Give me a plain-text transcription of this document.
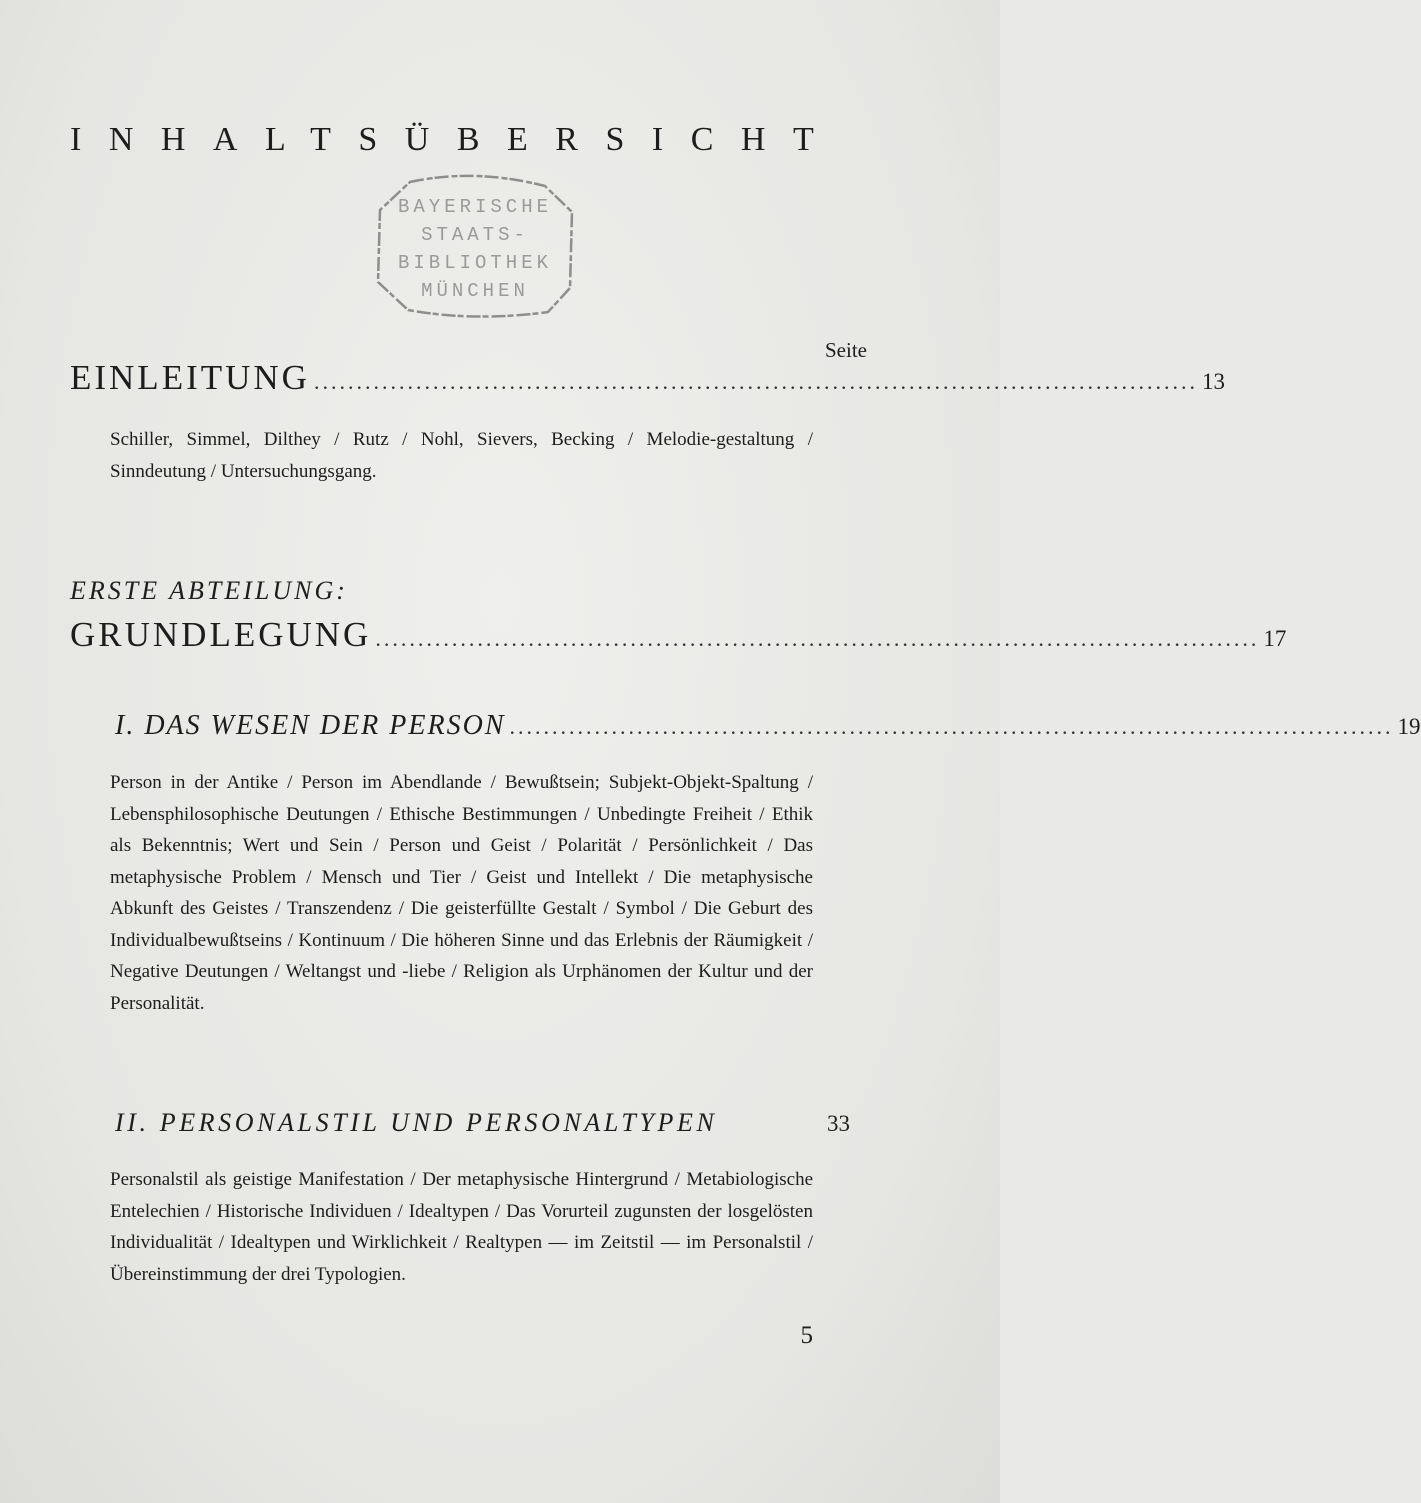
INHALTSÜBERSICHT
BAYERISCHE
STAATS-
BIBLIOTHEK
MÜNCHEN
Seite
EINLEITUNG ........................................................................................................ 13
Schiller, Simmel, Dilthey / Rutz / Nohl, Sievers, Becking / Melodie-gestaltung / Sinndeutung / Untersuchungsgang.
ERSTE ABTEILUNG:
GRUNDLEGUNG ........................................................................................................ 17
I. DAS WESEN DER PERSON ........................................................................................................ 19
Person in der Antike / Person im Abendlande / Bewußtsein; Subjekt-Objekt-Spaltung / Lebensphilosophische Deutungen / Ethische Bestimmungen / Unbedingte Freiheit / Ethik als Bekenntnis; Wert und Sein / Person und Geist / Polarität / Persönlichkeit / Das metaphysische Problem / Mensch und Tier / Geist und Intellekt / Die metaphysische Abkunft des Geistes / Transzendenz / Die geisterfüllte Gestalt / Symbol / Die Geburt des Individualbewußtseins / Kontinuum / Die höheren Sinne und das Erlebnis der Räumigkeit / Negative Deutungen / Weltangst und -liebe / Religion als Urphänomen der Kultur und der Personalität.
II. PERSONALSTIL UND PERSONALTYPEN	33
Personalstil als geistige Manifestation / Der metaphysische Hintergrund / Metabiologische Entelechien / Historische Individuen / Idealtypen / Das Vorurteil zugunsten der losgelösten Individualität / Idealtypen und Wirklichkeit / Realtypen — im Zeitstil — im Personalstil / Übereinstimmung der drei Typologien.
5
